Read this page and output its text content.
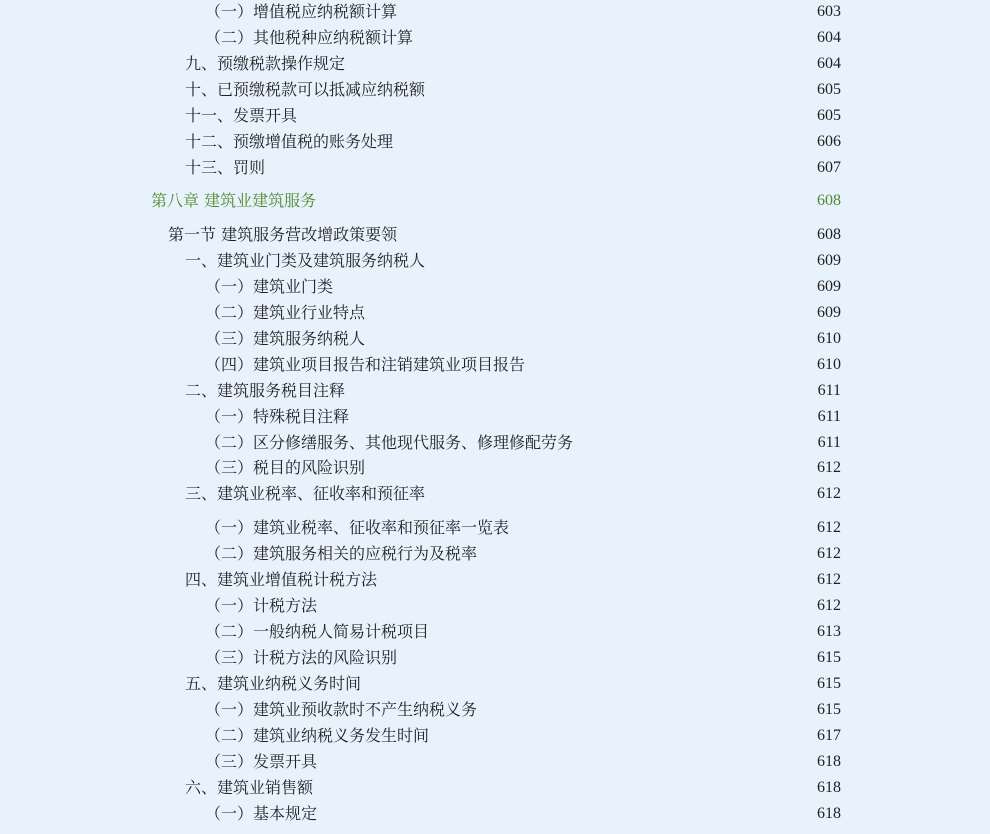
（一）增值税应纳税额计算	603
（二）其他税种应纳税额计算	604
九、预缴税款操作规定	604
十、已预缴税款可以抵减应纳税额	605
十一、发票开具	605
十二、预缴增值税的账务处理	606
十三、罚则	607
第八章 建筑业建筑服务	608
第一节 建筑服务营改增政策要领	608
一、建筑业门类及建筑服务纳税人	609
（一）建筑业门类	609
（二）建筑业行业特点	609
（三）建筑服务纳税人	610
（四）建筑业项目报告和注销建筑业项目报告	610
二、建筑服务税目注释	611
（一）特殊税目注释	611
（二）区分修缮服务、其他现代服务、修理修配劳务	611
（三）税目的风险识别	612
三、建筑业税率、征收率和预征率	612
（一）建筑业税率、征收率和预征率一览表	612
（二）建筑服务相关的应税行为及税率	612
四、建筑业增值税计税方法	612
（一）计税方法	612
（二）一般纳税人简易计税项目	613
（三）计税方法的风险识别	615
五、建筑业纳税义务时间	615
（一）建筑业预收款时不产生纳税义务	615
（二）建筑业纳税义务发生时间	617
（三）发票开具	618
六、建筑业销售额	618
（一）基本规定	618
